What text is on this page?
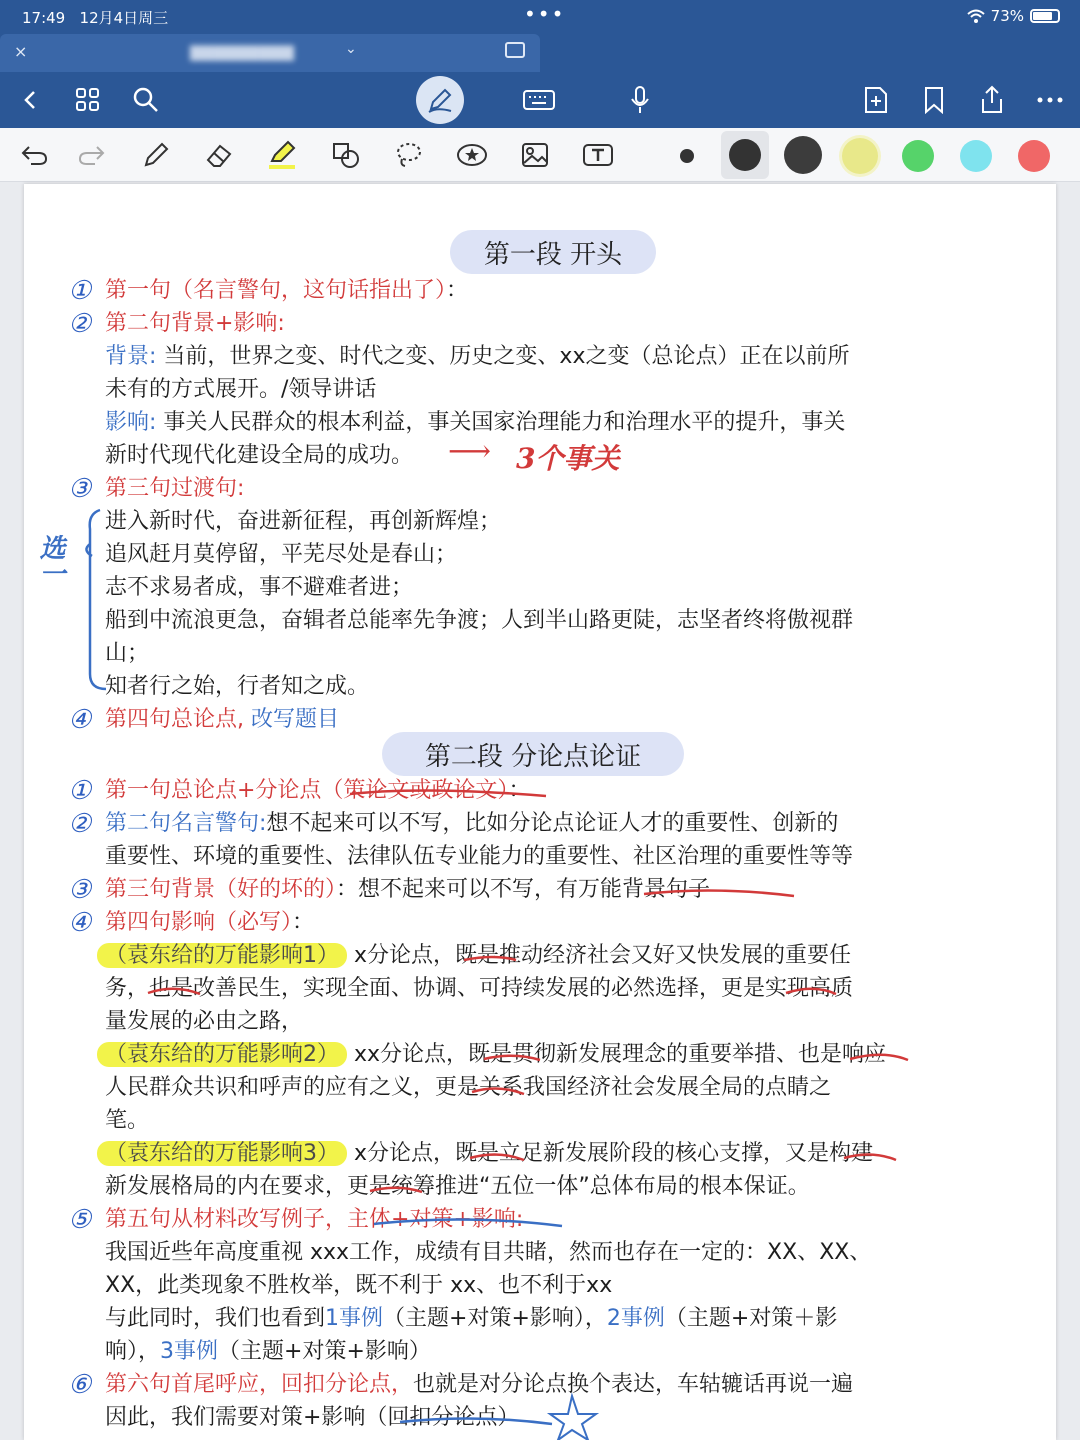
17:49 12月4日周三	•••	73%
×	▇▇▇▇▇▇▇▇▇	⌄
第一段 开头
① 第一句（名言警句，这句话指出了）：
② 第二句背景+影响:
背景: 当前，世界之变、时代之变、历史之变、xx之变（总论点）正在以前所
未有的方式展开。/领导讲话
影响: 事关人民群众的根本利益，事关国家治理能力和治理水平的提升，事关
新时代现代化建设全局的成功。 ⟶ 3个事关
③ 第三句过渡句:
进入新时代，奋进新征程，再创新辉煌；
追风赶月莫停留，平芜尽处是春山；
志不求易者成，事不避难者进；
船到中流浪更急，奋辑者总能率先争渡；人到半山路更陡，志坚者终将傲视群
山；
知者行之始，行者知之成。
选一
④ 第四句总论点, 改写题目
第二段 分论点论证
① 第一句总论点+分论点（策论文或政论文）：
② 第二句名言警句:想不起来可以不写，比如分论点论证人才的重要性、创新的
重要性、环境的重要性、法律队伍专业能力的重要性、社区治理的重要性等等
③ 第三句背景（好的坏的）：想不起来可以不写，有万能背景句子
④ 第四句影响（必写）：
（袁东给的万能影响1） x分论点，既是推动经济社会又好又快发展的重要任
务，也是改善民生，实现全面、协调、可持续发展的必然选择，更是实现高质
量发展的必由之路，
（袁东给的万能影响2） xx分论点，既是贯彻新发展理念的重要举措、也是响应
人民群众共识和呼声的应有之义，更是关系我国经济社会发展全局的点睛之
笔。
（袁东给的万能影响3） x分论点，既是立足新发展阶段的核心支撑，又是构建
新发展格局的内在要求，更是统筹推进“五位一体”总体布局的根本保证。
⑤ 第五句从材料改写例子，主体+对策+影响:
我国近些年高度重视 xxx工作，成绩有目共睹，然而也存在一定的：XX、XX、
XX，此类现象不胜枚举，既不利于 xx、也不利于xx
与此同时，我们也看到1事例（主题+对策+影响），2事例（主题+对策＋影
响），3事例（主题+对策+影响）
⑥ 第六句首尾呼应，回扣分论点，也就是对分论点换个表达，车轱辘话再说一遍
因此，我们需要对策+影响（回扣分论点）
